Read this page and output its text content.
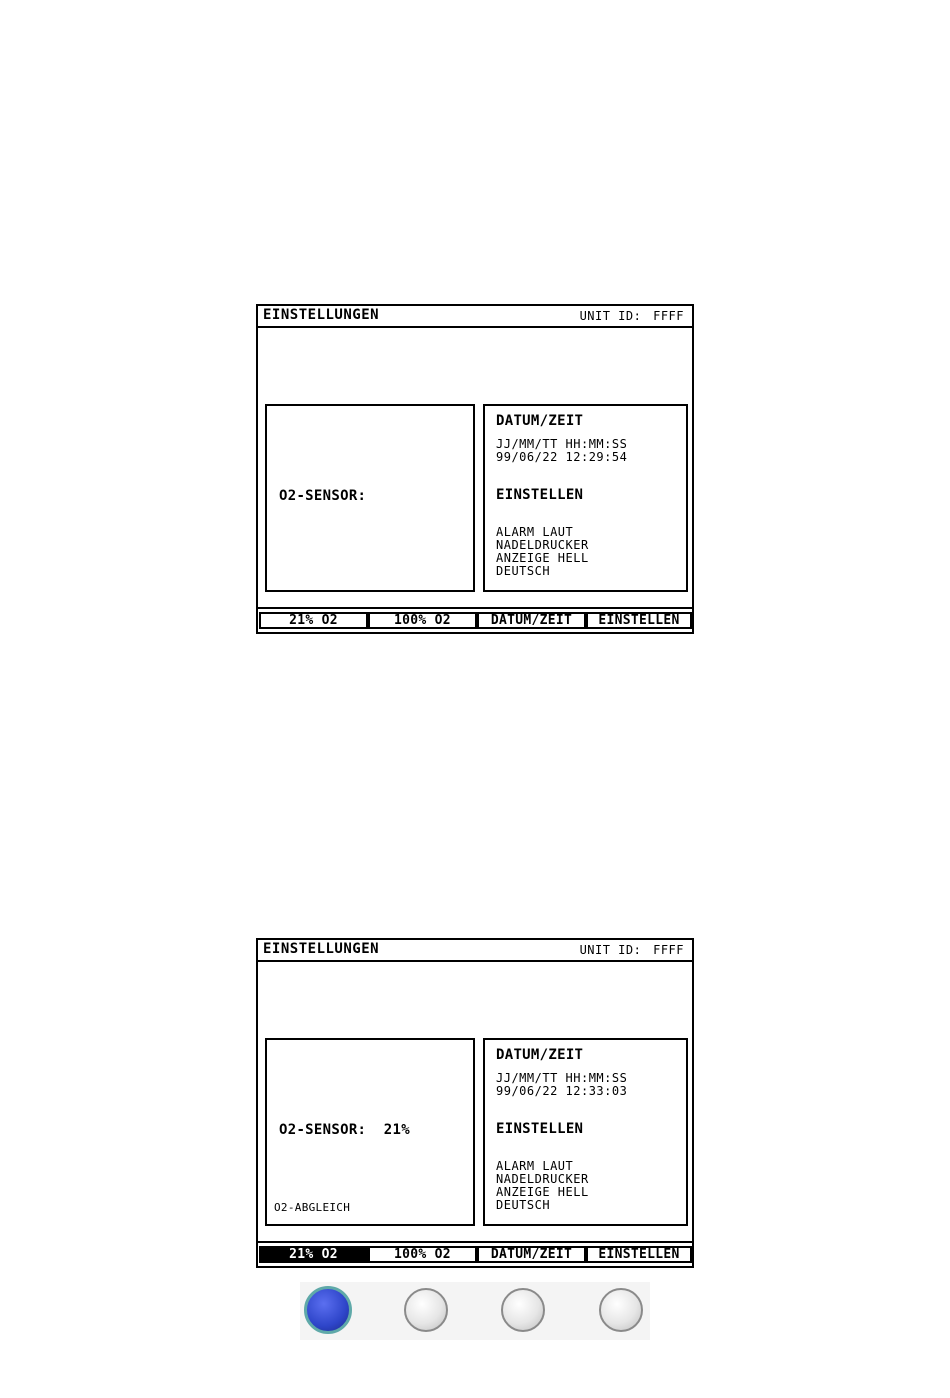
EINSTELLUNGEN	UNIT ID: FFFF
O2-SENSOR:
DATUM/ZEIT
JJ/MM/TT HH:MM:SS
99/06/22 12:29:54
EINSTELLEN
ALARM LAUT
NADELDRUCKER
ANZEIGE HELL
DEUTSCH
21% O2	100% O2	DATUM/ZEIT	EINSTELLEN
EINSTELLUNGEN	UNIT ID: FFFF
O2-SENSOR:  21%
O2-ABGLEICH
DATUM/ZEIT
JJ/MM/TT HH:MM:SS
99/06/22 12:33:03
EINSTELLEN
ALARM LAUT
NADELDRUCKER
ANZEIGE HELL
DEUTSCH
21% O2	100% O2	DATUM/ZEIT	EINSTELLEN
